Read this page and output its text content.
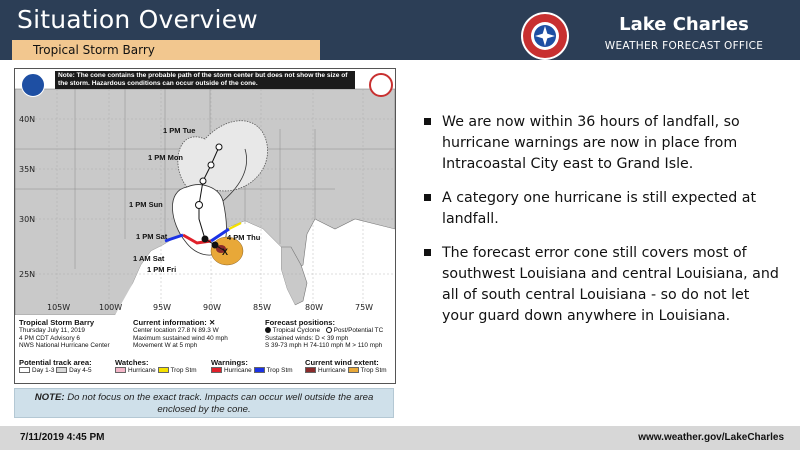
Situation Overview
Tropical Storm Barry
Lake Charles
WEATHER FORECAST OFFICE
X
Note: The cone contains the probable path of the storm center but does not show the size of the storm. Hazardous conditions can occur outside of the cone.
40N
35N
30N
25N
105W	100W	95W	90W	85W	80W	75W
1 PM Tue
1 PM Mon
1 PM Sun
1 PM Sat
1 AM Sat
1 PM Fri
4 PM Thu
Tropical Storm Barry
Thursday July 11, 2019
4 PM CDT Advisory 6
NWS National Hurricane Center
Current information: ✕
Center location 27.8 N 89.3 W
Maximum sustained wind 40 mph
Movement W at 5 mph
Forecast positions:
Tropical Cyclone Post/Potential TC
Sustained winds: D < 39 mph
S 39-73 mph H 74-110 mph M > 110 mph
Potential track area:
Day 1-3 Day 4-5
Watches:
Hurricane Trop Stm
Warnings:
Hurricane Trop Stm
Current wind extent:
Hurricane Trop Stm
NOTE: Do not focus on the exact track. Impacts can occur well outside the area enclosed by the cone.
We are now within 36 hours of landfall, so hurricane warnings are now in place from Intracoastal City east to Grand Isle.
A category one hurricane is still expected at landfall.
The forecast error cone still covers most of southwest Louisiana and central Louisiana, and all of south central Louisiana - so do not let your guard down anywhere in Louisiana.
7/11/2019 4:45 PM	www.weather.gov/LakeCharles
